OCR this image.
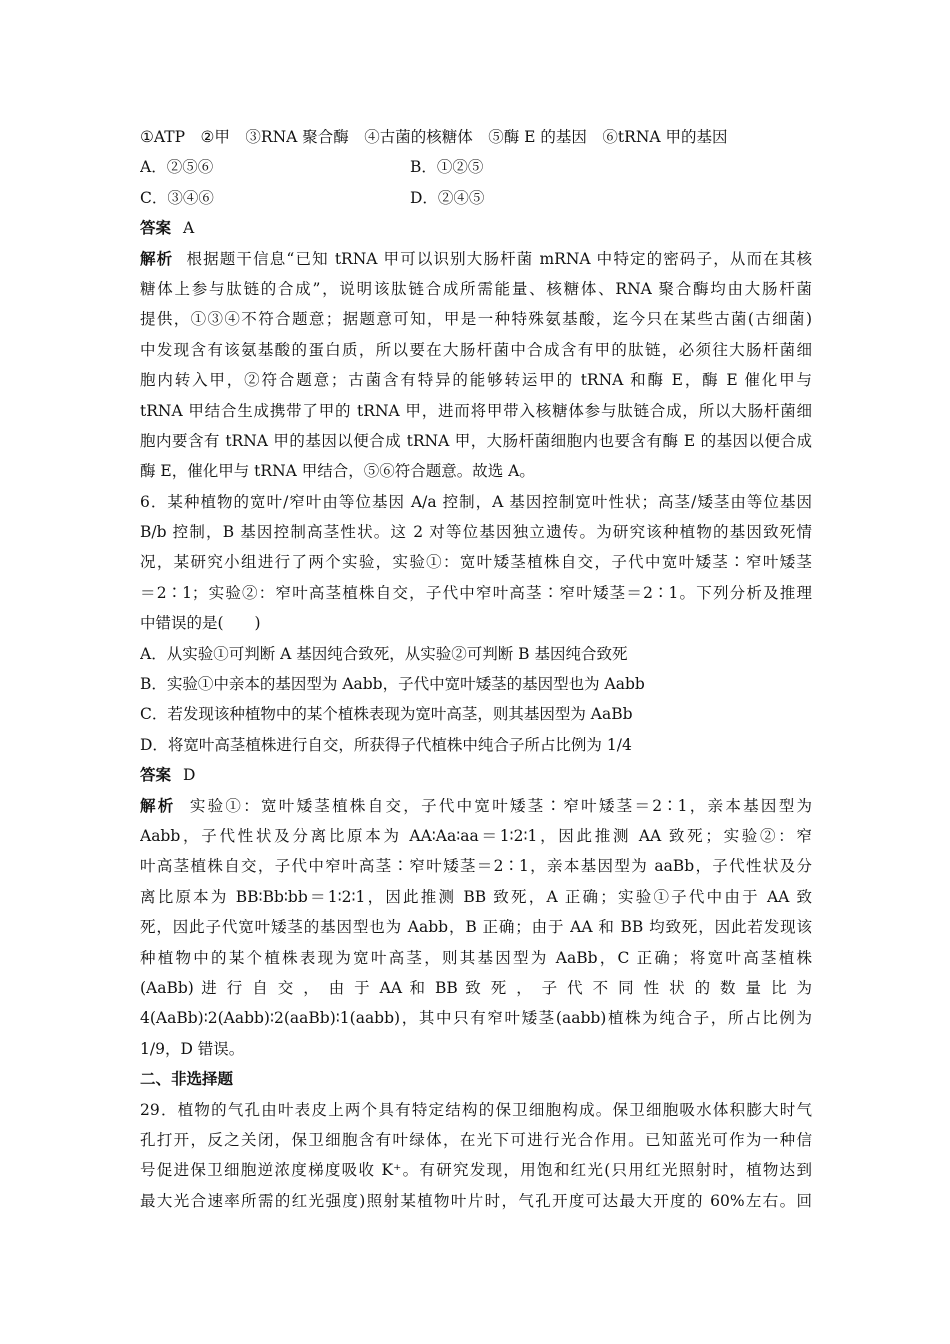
①ATP　②甲　③RNA 聚合酶　④古菌的核糖体　⑤酶 E 的基因　⑥tRNA 甲的基因
A．②⑤⑥	B．①②⑤
C．③④⑥	D．②④⑤
答案 A
解析 根据题干信息“已知 tRNA 甲可以识别大肠杆菌 mRNA 中特定的密码子，从而在其核
糖体上参与肽链的合成”，说明该肽链合成所需能量、核糖体、RNA 聚合酶均由大肠杆菌
提供，①③④不符合题意；据题意可知，甲是一种特殊氨基酸，迄今只在某些古菌(古细菌)
中发现含有该氨基酸的蛋白质，所以要在大肠杆菌中合成含有甲的肽链，必须往大肠杆菌细
胞内转入甲，②符合题意；古菌含有特异的能够转运甲的 tRNA 和酶 E，酶 E 催化甲与
tRNA 甲结合生成携带了甲的 tRNA 甲，进而将甲带入核糖体参与肽链合成，所以大肠杆菌细
胞内要含有 tRNA 甲的基因以便合成 tRNA 甲，大肠杆菌细胞内也要含有酶 E 的基因以便合成
酶 E，催化甲与 tRNA 甲结合，⑤⑥符合题意。故选 A。
6．某种植物的宽叶/窄叶由等位基因 A/a 控制，A 基因控制宽叶性状；高茎/矮茎由等位基因
B/b 控制，B 基因控制高茎性状。这 2 对等位基因独立遗传。为研究该种植物的基因致死情
况，某研究小组进行了两个实验，实验①：宽叶矮茎植株自交，子代中宽叶矮茎∶窄叶矮茎
＝2∶1；实验②：窄叶高茎植株自交，子代中窄叶高茎∶窄叶矮茎＝2∶1。下列分析及推理
中错误的是(　　)
A．从实验①可判断 A 基因纯合致死，从实验②可判断 B 基因纯合致死
B．实验①中亲本的基因型为 Aabb，子代中宽叶矮茎的基因型也为 Aabb
C．若发现该种植物中的某个植株表现为宽叶高茎，则其基因型为 AaBb
D．将宽叶高茎植株进行自交，所获得子代植株中纯合子所占比例为 1/4
答案 D
解析 实验①：宽叶矮茎植株自交，子代中宽叶矮茎∶窄叶矮茎＝2∶1，亲本基因型为
Aabb，子代性状及分离比原本为 AA∶Aa∶aa＝1∶2∶1，因此推测 AA 致死；实验②：窄
叶高茎植株自交，子代中窄叶高茎∶窄叶矮茎＝2∶1，亲本基因型为 aaBb，子代性状及分
离比原本为 BB∶Bb∶bb＝1∶2∶1，因此推测 BB 致死，A 正确；实验①子代中由于 AA 致
死，因此子代宽叶矮茎的基因型也为 Aabb，B 正确；由于 AA 和 BB 均致死，因此若发现该
种植物中的某个植株表现为宽叶高茎，则其基因型为 AaBb，C 正确；将宽叶高茎植株
(AaBb) 进 行 自 交 ， 由 于 AA 和 BB 致 死 ， 子 代 不 同 性 状 的 数 量 比 为
4(AaBb)∶2(Aabb)∶2(aaBb)∶1(aabb)，其中只有窄叶矮茎(aabb)植株为纯合子，所占比例为
1/9，D 错误。
二、非选择题
29．植物的气孔由叶表皮上两个具有特定结构的保卫细胞构成。保卫细胞吸水体积膨大时气
孔打开，反之关闭，保卫细胞含有叶绿体，在光下可进行光合作用。已知蓝光可作为一种信
号促进保卫细胞逆浓度梯度吸收 K⁺。有研究发现，用饱和红光(只用红光照射时，植物达到
最大光合速率所需的红光强度)照射某植物叶片时，气孔开度可达最大开度的 60%左右。回
